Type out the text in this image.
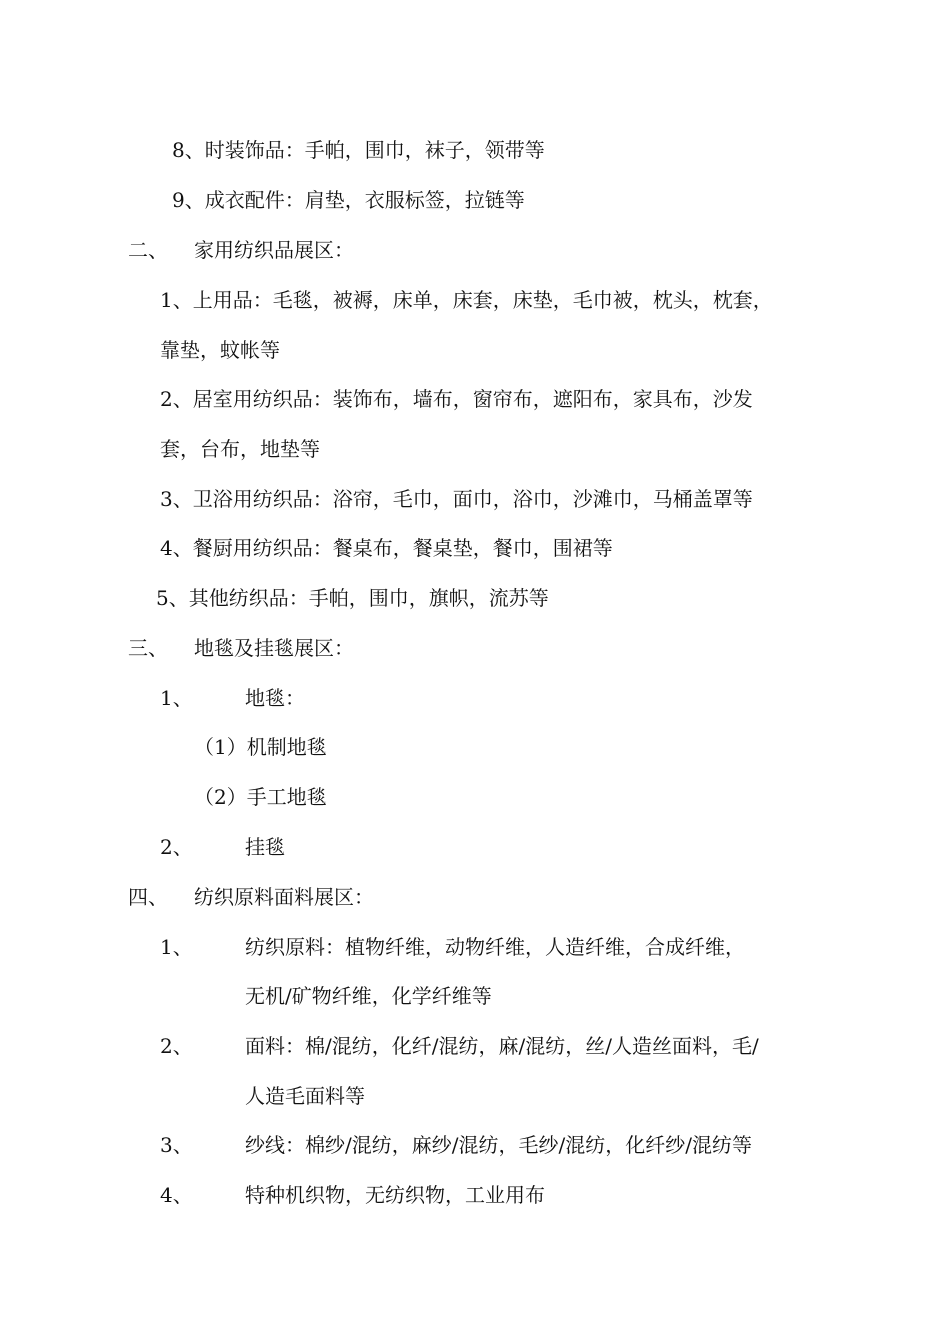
8、时装饰品：手帕，围巾，袜子，领带等
9、成衣配件：肩垫，衣服标签，拉链等
二、 家用纺织品展区：
1、上用品：毛毯，被褥，床单，床套，床垫，毛巾被，枕头，枕套，
靠垫，蚊帐等
2、居室用纺织品：装饰布，墙布，窗帘布，遮阳布，家具布，沙发
套，台布，地垫等
3、卫浴用纺织品：浴帘，毛巾，面巾，浴巾，沙滩巾，马桶盖罩等
4、餐厨用纺织品：餐桌布，餐桌垫，餐巾，围裙等
5、其他纺织品：手帕，围巾，旗帜，流苏等
三、 地毯及挂毯展区：
1、	地毯：
（1）机制地毯
（2）手工地毯
2、	挂毯
四、 纺织原料面料展区：
1、	纺织原料：植物纤维，动物纤维，人造纤维，合成纤维，
无机/矿物纤维，化学纤维等
2、	面料：棉/混纺，化纤/混纺，麻/混纺，丝/人造丝面料，毛/
人造毛面料等
3、	纱线：棉纱/混纺，麻纱/混纺，毛纱/混纺，化纤纱/混纺等
4、	特种机织物，无纺织物，工业用布
